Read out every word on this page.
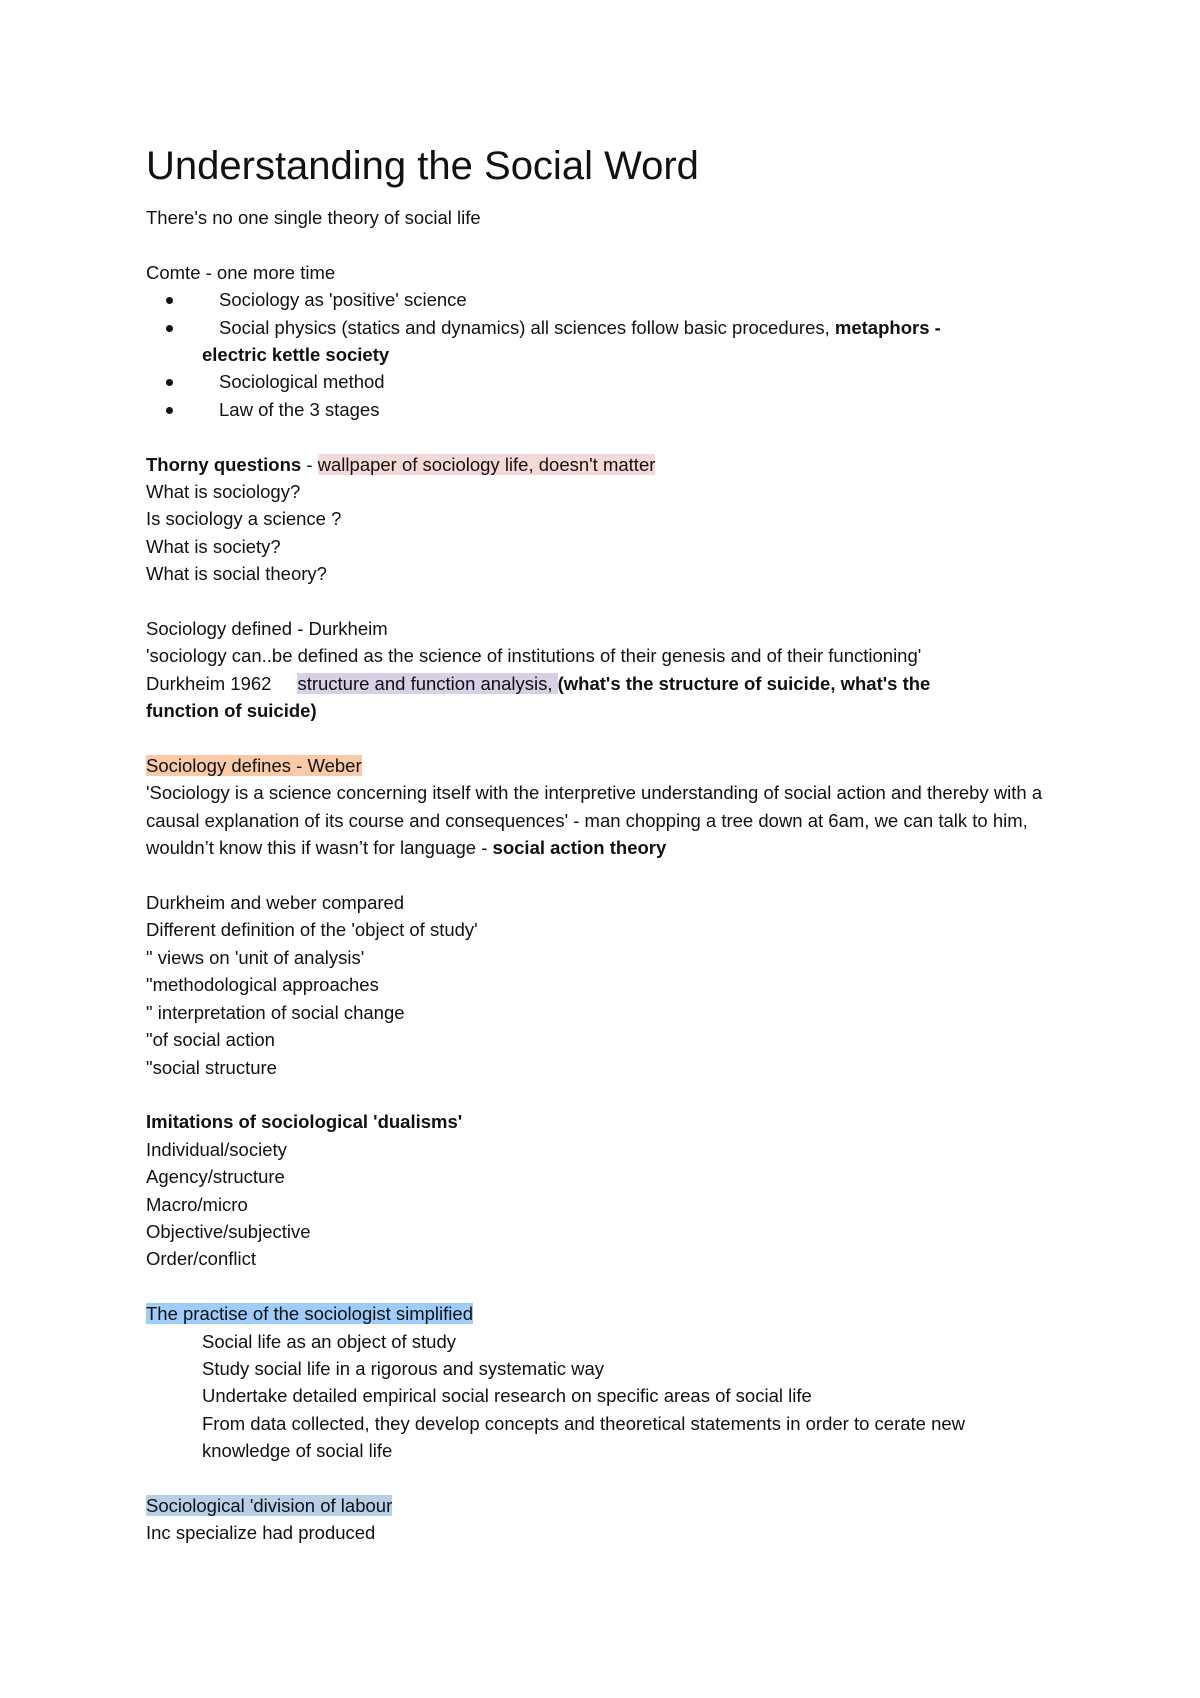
Understanding the Social Word
There's no one single theory of social life
Comte - one more time
Sociology as 'positive' science
Social physics (statics and dynamics) all sciences follow basic procedures, metaphors -
electric kettle society
Sociological method
Law of the 3 stages
Thorny questions - wallpaper of sociology life, doesn't matter
What is sociology?
Is sociology a science ?
What is society?
What is social theory?
Sociology defined - Durkheim
'sociology can..be defined as the science of institutions of their genesis and of their functioning'
Durkheim 1962 structure and function analysis, (what's the structure of suicide, what's the
function of suicide)
Sociology defines - Weber
'Sociology is a science concerning itself with the interpretive understanding of social action and thereby with a causal explanation of its course and consequences' - man chopping a tree down at 6am, we can talk to him, wouldn’t know this if wasn’t for language - social action theory
Durkheim and weber compared
Different definition of the 'object of study'
" views on 'unit of analysis'
"methodological approaches
" interpretation of social change
"of social action
"social structure
Imitations of sociological 'dualisms'
Individual/society
Agency/structure
Macro/micro
Objective/subjective
Order/conflict
The practise of the sociologist simplified
Social life as an object of study
Study social life in a rigorous and systematic way
Undertake detailed empirical social research on specific areas of social life
From data collected, they develop concepts and theoretical statements in order to cerate new
knowledge of social life
Sociological 'division of labour
Inc specialize had produced
